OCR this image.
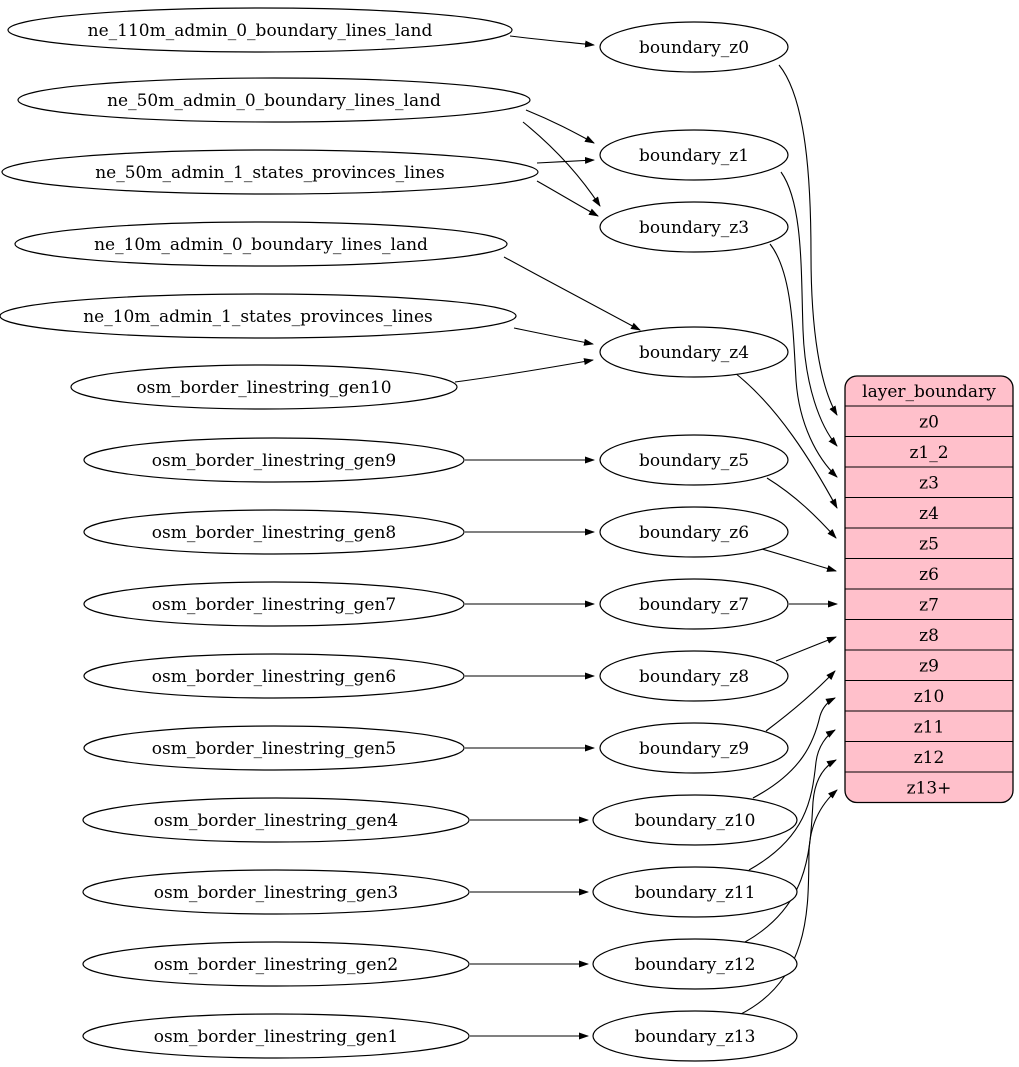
layer_boundary
z0
z1_2
z3
z4
z5
z6
z7
z8
z9
z10
z11
z12
z13+
ne_110m_admin_0_boundary_lines_land
ne_50m_admin_0_boundary_lines_land
ne_50m_admin_1_states_provinces_lines
ne_10m_admin_0_boundary_lines_land
ne_10m_admin_1_states_provinces_lines
osm_border_linestring_gen10
osm_border_linestring_gen9
osm_border_linestring_gen8
osm_border_linestring_gen7
osm_border_linestring_gen6
osm_border_linestring_gen5
osm_border_linestring_gen4
osm_border_linestring_gen3
osm_border_linestring_gen2
osm_border_linestring_gen1
boundary_z0
boundary_z1
boundary_z3
boundary_z4
boundary_z5
boundary_z6
boundary_z7
boundary_z8
boundary_z9
boundary_z10
boundary_z11
boundary_z12
boundary_z13
